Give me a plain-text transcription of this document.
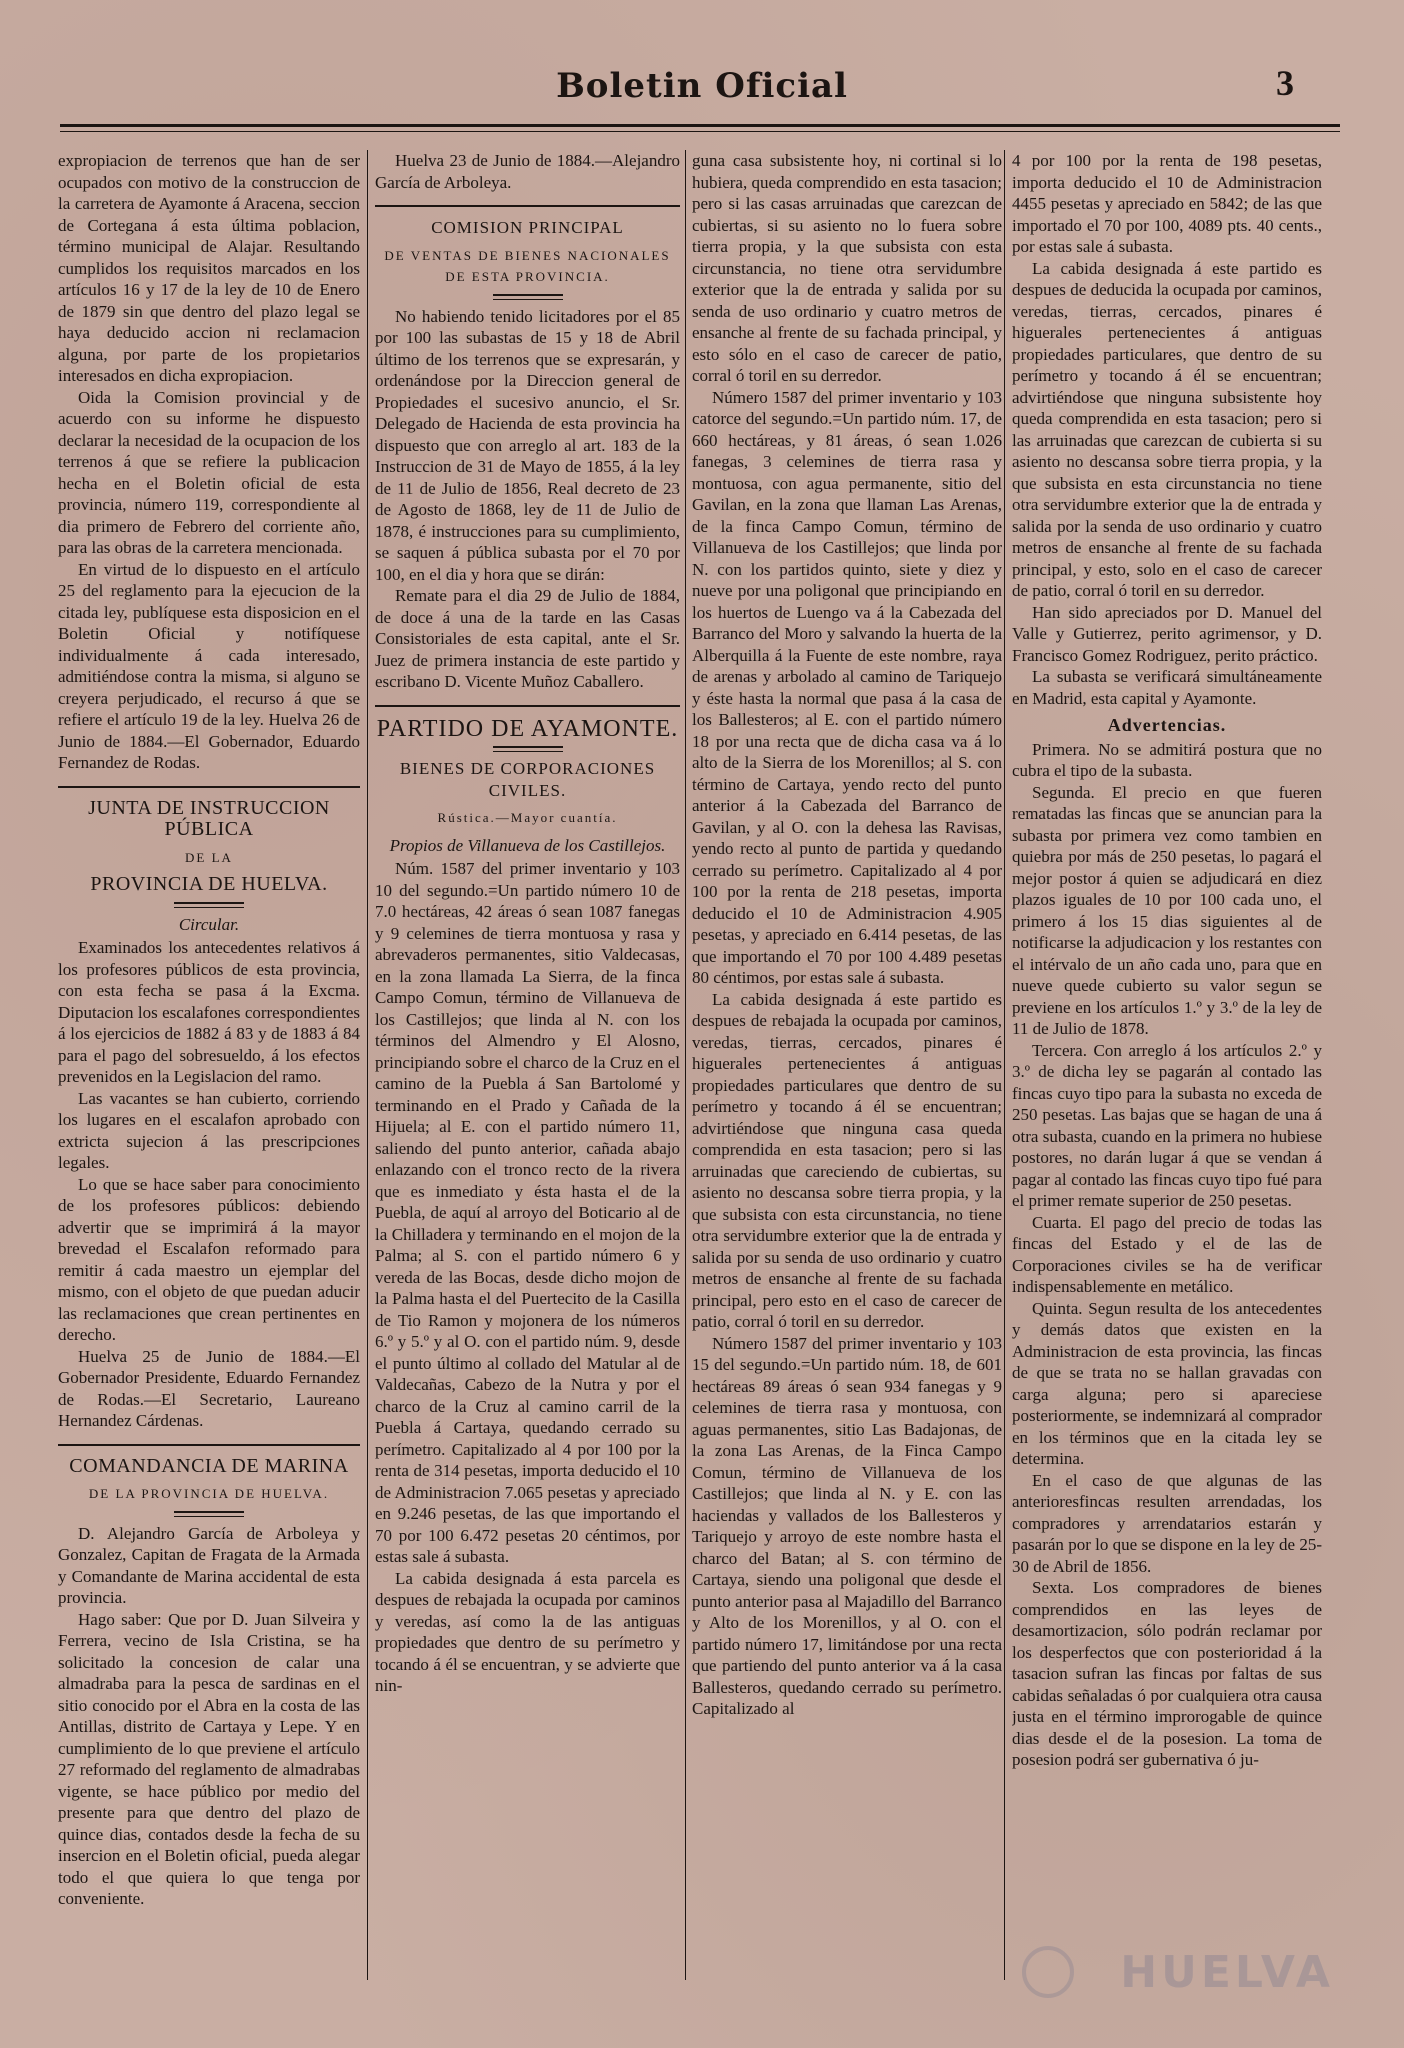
Boletin Oficial	3

expropiacion de terrenos que han de ser ocupados con motivo de la construccion de la carretera de Ayamonte á Aracena, seccion de Cortegana á esta última poblacion, término municipal de Alajar. Resultando cumplidos los requisitos marcados en los artículos 16 y 17 de la ley de 10 de Enero de 1879 sin que dentro del plazo legal se haya deducido accion ni reclamacion alguna, por parte de los propietarios interesados en dicha expropiacion.

Oida la Comision provincial y de acuerdo con su informe he dispuesto declarar la necesidad de la ocupacion de los terrenos á que se refiere la publicacion hecha en el Boletin oficial de esta provincia, número 119, correspondiente al dia primero de Febrero del corriente año, para las obras de la carretera mencionada.

En virtud de lo dispuesto en el artículo 25 del reglamento para la ejecucion de la citada ley, publíquese esta disposicion en el Boletin Oficial y notifíquese individualmente á cada interesado, admitiéndose contra la misma, si alguno se creyera perjudicado, el recurso á que se refiere el artículo 19 de la ley. Huelva 26 de Junio de 1884.—El Gobernador, Eduardo Fernandez de Rodas.

JUNTA DE INSTRUCCION PÚBLICA
DE LA
PROVINCIA DE HUELVA.
Circular.

Examinados los antecedentes relativos á los profesores públicos de esta provincia, con esta fecha se pasa á la Excma. Diputacion los escalafones correspondientes á los ejercicios de 1882 á 83 y de 1883 á 84 para el pago del sobresueldo, á los efectos prevenidos en la Legislacion del ramo.

Las vacantes se han cubierto, corriendo los lugares en el escalafon aprobado con extricta sujecion á las prescripciones legales.

Lo que se hace saber para conocimiento de los profesores públicos: debiendo advertir que se imprimirá á la mayor brevedad el Escalafon reformado para remitir á cada maestro un ejemplar del mismo, con el objeto de que puedan aducir las reclamaciones que crean pertinentes en derecho.

Huelva 25 de Junio de 1884.—El Gobernador Presidente, Eduardo Fernandez de Rodas.—El Secretario, Laureano Hernandez Cárdenas.

COMANDANCIA DE MARINA
DE LA PROVINCIA DE HUELVA.

D. Alejandro García de Arboleya y Gonzalez, Capitan de Fragata de la Armada y Comandante de Marina accidental de esta provincia.

Hago saber: Que por D. Juan Silveira y Ferrera, vecino de Isla Cristina, se ha solicitado la concesion de calar una almadraba para la pesca de sardinas en el sitio conocido por el Abra en la costa de las Antillas, distrito de Cartaya y Lepe. Y en cumplimiento de lo que previene el artículo 27 reformado del reglamento de almadrabas vigente, se hace público por medio del presente para que dentro del plazo de quince dias, contados desde la fecha de su insercion en el Boletin oficial, pueda alegar todo el que quiera lo que tenga por conveniente.

Huelva 23 de Junio de 1884.—Alejandro García de Arboleya.

COMISION PRINCIPAL
DE VENTAS DE BIENES NACIONALES DE ESTA PROVINCIA.

No habiendo tenido licitadores por el 85 por 100 las subastas de 15 y 18 de Abril último de los terrenos que se expresarán, y ordenándose por la Direccion general de Propiedades el sucesivo anuncio, el Sr. Delegado de Hacienda de esta provincia ha dispuesto que con arreglo al art. 183 de la Instruccion de 31 de Mayo de 1855, á la ley de 11 de Julio de 1856, Real decreto de 23 de Agosto de 1868, ley de 11 de Julio de 1878, é instrucciones para su cumplimiento, se saquen á pública subasta por el 70 por 100, en el dia y hora que se dirán:

Remate para el dia 29 de Julio de 1884, de doce á una de la tarde en las Casas Consistoriales de esta capital, ante el Sr. Juez de primera instancia de este partido y escribano D. Vicente Muñoz Caballero.

PARTIDO DE AYAMONTE.
BIENES DE CORPORACIONES CIVILES.
Rústica.—Mayor cuantía.
Propios de Villanueva de los Castillejos.

Núm. 1587 del primer inventario y 103 10 del segundo.=Un partido número 10 de 7.0 hectáreas, 42 áreas ó sean 1087 fanegas y 9 celemines de tierra montuosa y rasa y abrevaderos permanentes, sitio Valdecasas, en la zona llamada La Sierra, de la finca Campo Comun, término de Villanueva de los Castillejos; que linda al N. con los términos del Almendro y El Alosno, principiando sobre el charco de la Cruz en el camino de la Puebla á San Bartolomé y terminando en el Prado y Cañada de la Hijuela; al E. con el partido número 11, saliendo del punto anterior, cañada abajo enlazando con el tronco recto de la rivera que es inmediato y ésta hasta el de la Puebla, de aquí al arroyo del Boticario al de la Chilladera y terminando en el mojon de la Palma; al S. con el partido número 6 y vereda de las Bocas, desde dicho mojon de la Palma hasta el del Puertecito de la Casilla de Tio Ramon y mojonera de los números 6.º y 5.º y al O. con el partido núm. 9, desde el punto último al collado del Matular al de Valdecañas, Cabezo de la Nutra y por el charco de la Cruz al camino carril de la Puebla á Cartaya, quedando cerrado su perímetro. Capitalizado al 4 por 100 por la renta de 314 pesetas, importa deducido el 10 de Administracion 7.065 pesetas y apreciado en 9.246 pesetas, de las que importando el 70 por 100 6.472 pesetas 20 céntimos, por estas sale á subasta.

La cabida designada á esta parcela es despues de rebajada la ocupada por caminos y veredas, así como la de las antiguas propiedades que dentro de su perímetro y tocando á él se encuentran, y se advierte que nin-

guna casa subsistente hoy, ni cortinal si lo hubiera, queda comprendido en esta tasacion; pero si las casas arruinadas que carezcan de cubiertas, si su asiento no lo fuera sobre tierra propia, y la que subsista con esta circunstancia, no tiene otra servidumbre exterior que la de entrada y salida por su senda de uso ordinario y cuatro metros de ensanche al frente de su fachada principal, y esto sólo en el caso de carecer de patio, corral ó toril en su derredor.

Número 1587 del primer inventario y 103 catorce del segundo.=Un partido núm. 17, de 660 hectáreas, y 81 áreas, ó sean 1.026 fanegas, 3 celemines de tierra rasa y montuosa, con agua permanente, sitio del Gavilan, en la zona que llaman Las Arenas, de la finca Campo Comun, término de Villanueva de los Castillejos; que linda por N. con los partidos quinto, siete y diez y nueve por una poligonal que principiando en los huertos de Luengo va á la Cabezada del Barranco del Moro y salvando la huerta de la Alberquilla á la Fuente de este nombre, raya de arenas y arbolado al camino de Tariquejo y éste hasta la normal que pasa á la casa de los Ballesteros; al E. con el partido número 18 por una recta que de dicha casa va á lo alto de la Sierra de los Morenillos; al S. con término de Cartaya, yendo recto del punto anterior á la Cabezada del Barranco de Gavilan, y al O. con la dehesa las Ravisas, yendo recto al punto de partida y quedando cerrado su perímetro. Capitalizado al 4 por 100 por la renta de 218 pesetas, importa deducido el 10 de Administracion 4.905 pesetas, y apreciado en 6.414 pesetas, de las que importando el 70 por 100 4.489 pesetas 80 céntimos, por estas sale á subasta.

La cabida designada á este partido es despues de rebajada la ocupada por caminos, veredas, tierras, cercados, pinares é higuerales pertenecientes á antiguas propiedades particulares que dentro de su perímetro y tocando á él se encuentran; advirtiéndose que ninguna casa queda comprendida en esta tasacion; pero si las arruinadas que careciendo de cubiertas, su asiento no descansa sobre tierra propia, y la que subsista con esta circunstancia, no tiene otra servidumbre exterior que la de entrada y salida por su senda de uso ordinario y cuatro metros de ensanche al frente de su fachada principal, pero esto en el caso de carecer de patio, corral ó toril en su derredor.

Número 1587 del primer inventario y 103 15 del segundo.=Un partido núm. 18, de 601 hectáreas 89 áreas ó sean 934 fanegas y 9 celemines de tierra rasa y montuosa, con aguas permanentes, sitio Las Badajonas, de la zona Las Arenas, de la Finca Campo Comun, término de Villanueva de los Castillejos; que linda al N. y E. con las haciendas y vallados de los Ballesteros y Tariquejo y arroyo de este nombre hasta el charco del Batan; al S. con término de Cartaya, siendo una poligonal que desde el punto anterior pasa al Majadillo del Barranco y Alto de los Morenillos, y al O. con el partido número 17, limitándose por una recta que partiendo del punto anterior va á la casa Ballesteros, quedando cerrado su perímetro. Capitalizado al

4 por 100 por la renta de 198 pesetas, importa deducido el 10 de Administracion 4455 pesetas y apreciado en 5842; de las que importado el 70 por 100, 4089 pts. 40 cents., por estas sale á subasta.

La cabida designada á este partido es despues de deducida la ocupada por caminos, veredas, tierras, cercados, pinares é higuerales pertenecientes á antiguas propiedades particulares, que dentro de su perímetro y tocando á él se encuentran; advirtiéndose que ninguna subsistente hoy queda comprendida en esta tasacion; pero si las arruinadas que carezcan de cubierta si su asiento no descansa sobre tierra propia, y la que subsista en esta circunstancia no tiene otra servidumbre exterior que la de entrada y salida por la senda de uso ordinario y cuatro metros de ensanche al frente de su fachada principal, y esto, solo en el caso de carecer de patio, corral ó toril en su derredor.

Han sido apreciados por D. Manuel del Valle y Gutierrez, perito agrimensor, y D. Francisco Gomez Rodriguez, perito práctico.

La subasta se verificará simultáneamente en Madrid, esta capital y Ayamonte.

Advertencias.

Primera. No se admitirá postura que no cubra el tipo de la subasta.

Segunda. El precio en que fueren rematadas las fincas que se anuncian para la subasta por primera vez como tambien en quiebra por más de 250 pesetas, lo pagará el mejor postor á quien se adjudicará en diez plazos iguales de 10 por 100 cada uno, el primero á los 15 dias siguientes al de notificarse la adjudicacion y los restantes con el intérvalo de un año cada uno, para que en nueve quede cubierto su valor segun se previene en los artículos 1.º y 3.º de la ley de 11 de Julio de 1878.

Tercera. Con arreglo á los artículos 2.º y 3.º de dicha ley se pagarán al contado las fincas cuyo tipo para la subasta no exceda de 250 pesetas. Las bajas que se hagan de una á otra subasta, cuando en la primera no hubiese postores, no darán lugar á que se vendan á pagar al contado las fincas cuyo tipo fué para el primer remate superior de 250 pesetas.

Cuarta. El pago del precio de todas las fincas del Estado y el de las de Corporaciones civiles se ha de verificar indispensablemente en metálico.

Quinta. Segun resulta de los antecedentes y demás datos que existen en la Administracion de esta provincia, las fincas de que se trata no se hallan gravadas con carga alguna; pero si apareciese posteriormente, se indemnizará al comprador en los términos que en la citada ley se determina.

En el caso de que algunas de las anterioresfincas resulten arrendadas, los compradores y arrendatarios estarán y pasarán por lo que se dispone en la ley de 25-30 de Abril de 1856.

Sexta. Los compradores de bienes comprendidos en las leyes de desamortizacion, sólo podrán reclamar por los desperfectos que con posterioridad á la tasacion sufran las fincas por faltas de sus cabidas señaladas ó por cualquiera otra causa justa en el término improrogable de quince dias desde el de la posesion. La toma de posesion podrá ser gubernativa ó ju-

HUELVA
